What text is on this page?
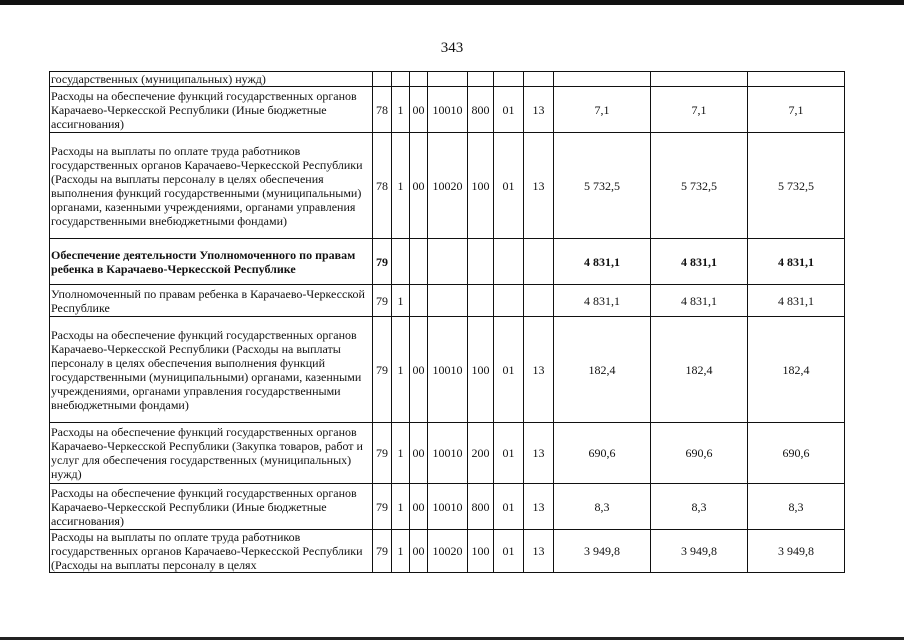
343
государственных (муниципальных) нужд)										
Расходы на обеспечение функций государственных органов Карачаево-Черкесской Республики (Иные бюджетные ассигнования)	78	1	00	10010	800	01	13	7,1	7,1	7,1
Расходы на выплаты по оплате труда работников государственных органов Карачаево-Черкесской Республики (Расходы на выплаты персоналу в целях обеспечения выполнения функций государственными (муниципальными) органами, казенными учреждениями, органами управления государственными внебюджетными фондами)	78	1	00	10020	100	01	13	5 732,5	5 732,5	5 732,5
Обеспечение деятельности Уполномоченного по правам ребенка в Карачаево-Черкесской Республике	79							4 831,1	4 831,1	4 831,1
Уполномоченный по правам ребенка в Карачаево-Черкесской Республике	79	1						4 831,1	4 831,1	4 831,1
Расходы на обеспечение функций государственных органов Карачаево-Черкесской Республики (Расходы на выплаты персоналу в целях обеспечения выполнения функций государственными (муниципальными) органами, казенными учреждениями, органами управления государственными внебюджетными фондами)	79	1	00	10010	100	01	13	182,4	182,4	182,4
Расходы на обеспечение функций государственных органов Карачаево-Черкесской Республики (Закупка товаров, работ и услуг для обеспечения государственных (муниципальных) нужд)	79	1	00	10010	200	01	13	690,6	690,6	690,6
Расходы на обеспечение функций государственных органов Карачаево-Черкесской Республики (Иные бюджетные ассигнования)	79	1	00	10010	800	01	13	8,3	8,3	8,3
Расходы на выплаты по оплате труда работников государственных органов Карачаево-Черкесской Республики (Расходы на выплаты персоналу в целях	79	1	00	10020	100	01	13	3 949,8	3 949,8	3 949,8
